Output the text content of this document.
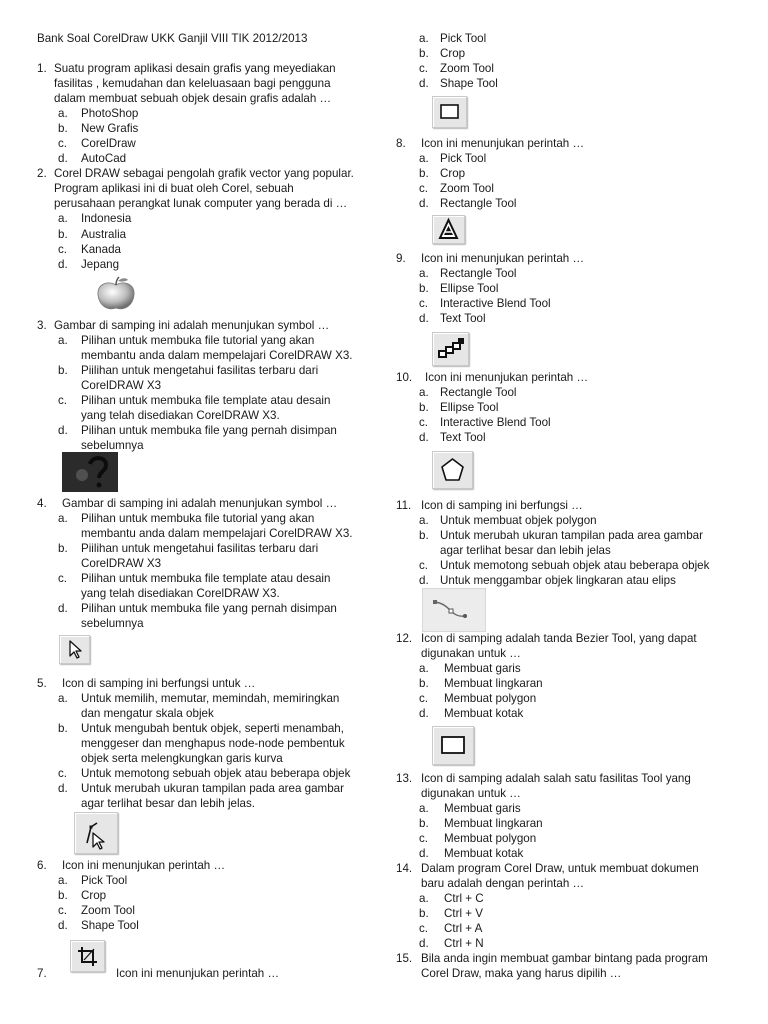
Bank Soal CorelDraw UKK Ganjil VIII TIK 2012/2013
1. Suatu program aplikasi desain grafis yang meyediakan
fasilitas , kemudahan dan keleluasaan bagi pengguna
dalam membuat sebuah objek desain grafis adalah …
a. PhotoShop
b. New Grafis
c. CorelDraw
d. AutoCad
2. Corel DRAW sebagai pengolah grafik vector yang popular.
Program aplikasi ini di buat oleh Corel, sebuah
perusahaan perangkat lunak computer yang berada di …
a. Indonesia
b. Australia
c. Kanada
d. Jepang
3. Gambar di samping ini adalah menunjukan symbol …
a. Pilihan untuk membuka file tutorial yang akan
membantu anda dalam mempelajari CorelDRAW X3.
b. Piilihan untuk mengetahui fasilitas terbaru dari
CorelDRAW X3
c. Pilihan untuk membuka file template atau desain
yang telah disediakan CorelDRAW X3.
d. Pilihan untuk membuka file yang pernah disimpan
sebelumnya
4. Gambar di samping ini adalah menunjukan symbol …
a. Pilihan untuk membuka file tutorial yang akan
membantu anda dalam mempelajari CorelDRAW X3.
b. Piilihan untuk mengetahui fasilitas terbaru dari
CorelDRAW X3
c. Pilihan untuk membuka file template atau desain
yang telah disediakan CorelDRAW X3.
d. Pilihan untuk membuka file yang pernah disimpan
sebelumnya
5. Icon di samping ini berfungsi untuk …
a. Untuk memilih, memutar, memindah, memiringkan
dan mengatur skala objek
b. Untuk mengubah bentuk objek, seperti menambah,
menggeser dan menghapus node-node pembentuk
objek serta melengkungkan garis kurva
c. Untuk memotong sebuah objek atau beberapa objek
d. Untuk merubah ukuran tampilan pada area gambar
agar terlihat besar dan lebih jelas.
6. Icon ini menunjukan perintah …
a. Pick Tool
b. Crop
c. Zoom Tool
d. Shape Tool
7.	Icon ini menunjukan perintah …
a. Pick Tool
b. Crop
c. Zoom Tool
d. Shape Tool
8. Icon ini menunjukan perintah …
a. Pick Tool
b. Crop
c. Zoom Tool
d. Rectangle Tool
9. Icon ini menunjukan perintah …
a. Rectangle Tool
b. Ellipse Tool
c. Interactive Blend Tool
d. Text Tool
10. Icon ini menunjukan perintah …
a. Rectangle Tool
b. Ellipse Tool
c. Interactive Blend Tool
d. Text Tool
11. Icon di samping ini berfungsi …
a. Untuk membuat objek polygon
b. Untuk merubah ukuran tampilan pada area gambar
agar terlihat besar dan lebih jelas
c. Untuk memotong sebuah objek atau beberapa objek
d. Untuk menggambar objek lingkaran atau elips
12. Icon di samping adalah tanda Bezier Tool, yang dapat
digunakan untuk …
a. Membuat garis
b. Membuat lingkaran
c. Membuat polygon
d. Membuat kotak
13. Icon di samping adalah salah satu fasilitas Tool yang
digunakan untuk …
a. Membuat garis
b. Membuat lingkaran
c. Membuat polygon
d. Membuat kotak
14. Dalam program Corel Draw, untuk membuat dokumen
baru adalah dengan perintah …
a. Ctrl + C
b. Ctrl + V
c. Ctrl + A
d. Ctrl + N
15. Bila anda ingin membuat gambar bintang pada program
Corel Draw, maka yang harus dipilih …
